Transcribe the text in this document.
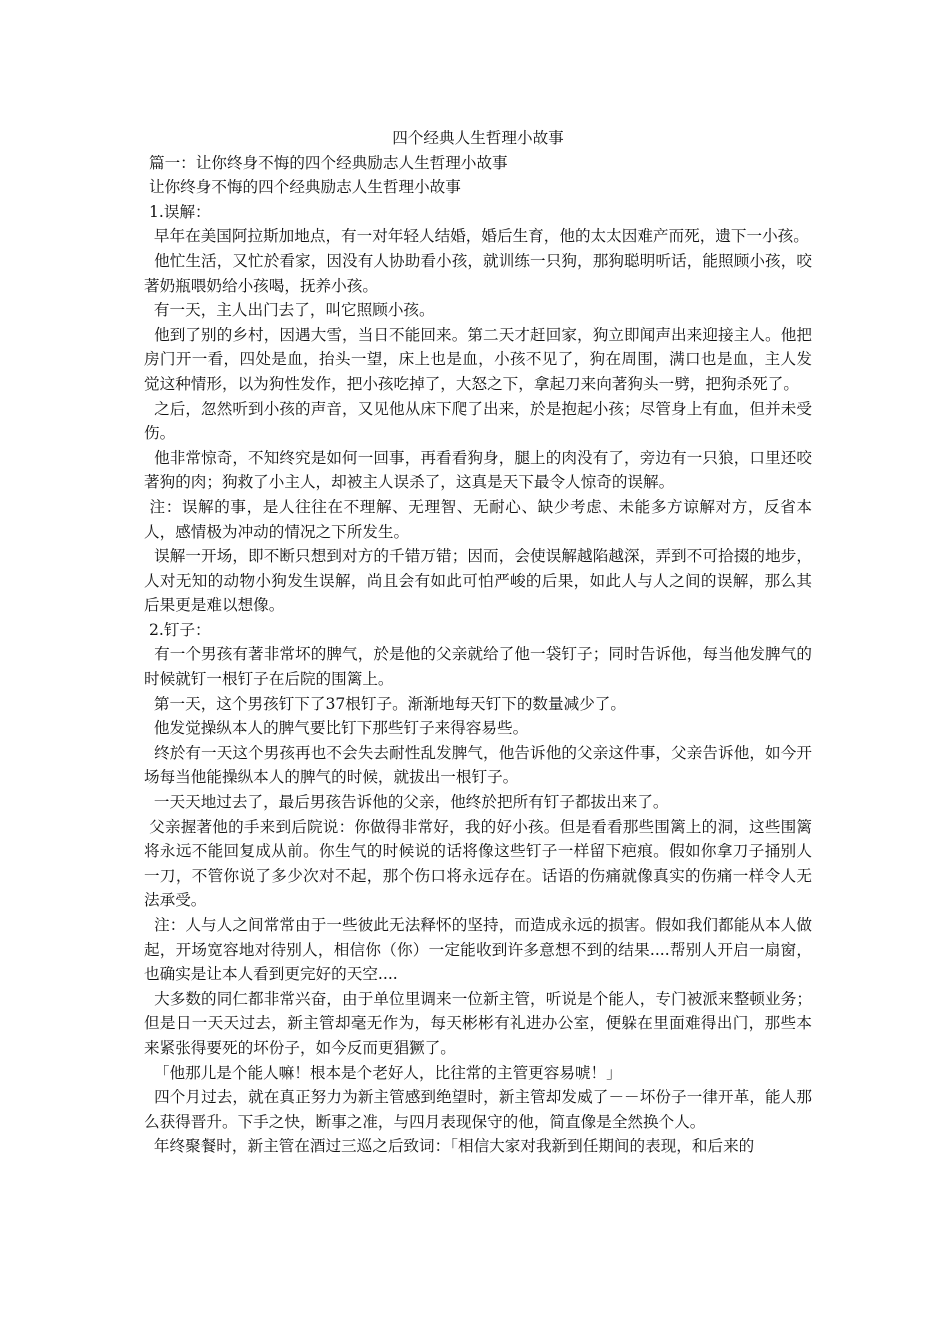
四个经典人生哲理小故事

篇一：让你终身不悔的四个经典励志人生哲理小故事

让你终身不悔的四个经典励志人生哲理小故事

1.误解：

早年在美国阿拉斯加地点，有一对年轻人结婚，婚后生育，他的太太因难产而死，遗下一小孩。

他忙生活，又忙於看家，因没有人协助看小孩，就训练一只狗，那狗聪明听话，能照顾小孩，咬著奶瓶喂奶给小孩喝，抚养小孩。

有一天，主人出门去了，叫它照顾小孩。

他到了别的乡村，因遇大雪，当日不能回来。第二天才赶回家，狗立即闻声出来迎接主人。他把房门开一看，四处是血，抬头一望，床上也是血，小孩不见了，狗在周围，满口也是血，主人发觉这种情形，以为狗性发作，把小孩吃掉了，大怒之下，拿起刀来向著狗头一劈，把狗杀死了。

之后，忽然听到小孩的声音，又见他从床下爬了出来，於是抱起小孩；尽管身上有血，但并未受伤。

他非常惊奇，不知终究是如何一回事，再看看狗身，腿上的肉没有了，旁边有一只狼，口里还咬著狗的肉；狗救了小主人，却被主人误杀了，这真是天下最令人惊奇的误解。

注：误解的事，是人往往在不理解、无理智、无耐心、缺少考虑、未能多方谅解对方，反省本人，感情极为冲动的情况之下所发生。

误解一开场，即不断只想到对方的千错万错；因而，会使误解越陷越深，弄到不可拾掇的地步，人对无知的动物小狗发生误解，尚且会有如此可怕严峻的后果，如此人与人之间的误解，那么其后果更是难以想像。

2.钉子：

有一个男孩有著非常坏的脾气，於是他的父亲就给了他一袋钉子；同时告诉他，每当他发脾气的时候就钉一根钉子在后院的围篱上。

第一天，这个男孩钉下了37根钉子。渐渐地每天钉下的数量减少了。

他发觉操纵本人的脾气要比钉下那些钉子来得容易些。

终於有一天这个男孩再也不会失去耐性乱发脾气，他告诉他的父亲这件事，父亲告诉他，如今开场每当他能操纵本人的脾气的时候，就拔出一根钉子。

一天天地过去了，最后男孩告诉他的父亲，他终於把所有钉子都拔出来了。

父亲握著他的手来到后院说：你做得非常好，我的好小孩。但是看看那些围篱上的洞，这些围篱将永远不能回复成从前。你生气的时候说的话将像这些钉子一样留下疤痕。假如你拿刀子捅别人一刀，不管你说了多少次对不起，那个伤口将永远存在。话语的伤痛就像真实的伤痛一样令人无法承受。

注：人与人之间常常由于一些彼此无法释怀的坚持，而造成永远的损害。假如我们都能从本人做起，开场宽容地对待别人，相信你（你）一定能收到许多意想不到的结果....帮别人开启一扇窗，也确实是让本人看到更完好的天空....

大多数的同仁都非常兴奋，由于单位里调来一位新主管，听说是个能人，专门被派来整顿业务；但是日一天天过去，新主管却毫无作为，每天彬彬有礼进办公室，便躲在里面难得出门，那些本来紧张得要死的坏份子，如今反而更猖獗了。

「他那儿是个能人嘛！根本是个老好人，比往常的主管更容易唬！」

四个月过去，就在真正努力为新主管感到绝望时，新主管却发威了－－坏份子一律开革，能人那么获得晋升。下手之快，断事之准，与四月表现保守的他，简直像是全然换个人。

年终聚餐时，新主管在酒过三巡之后致词：「相信大家对我新到任期间的表现，和后来的
